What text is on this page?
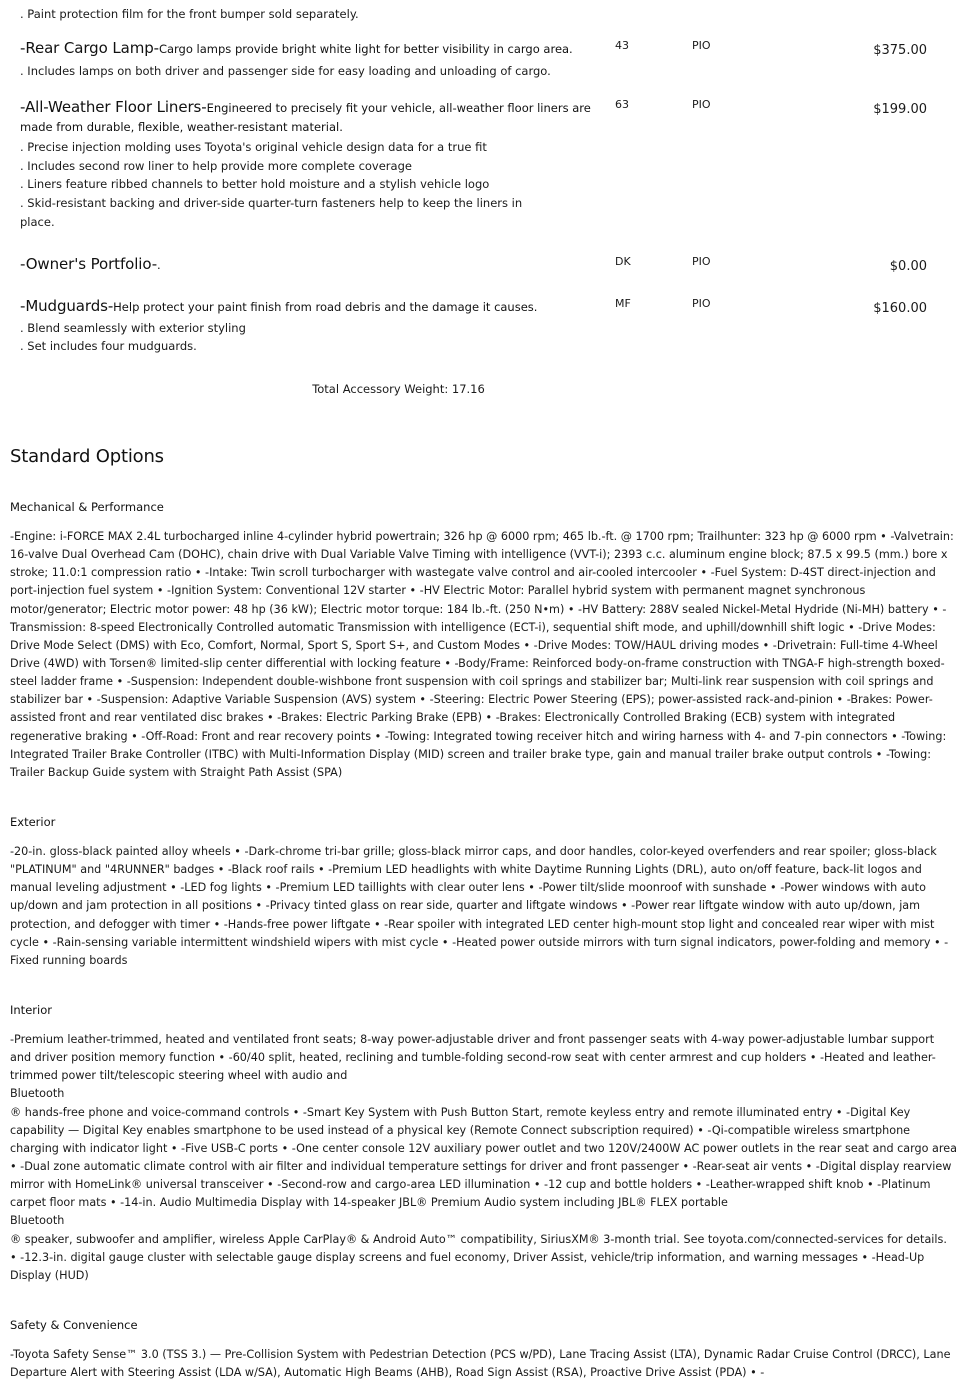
. Paint protection film for the front bumper sold separately.
-Rear Cargo Lamp-Cargo lamps provide bright white light for better visibility in cargo area.
. Includes lamps on both driver and passenger side for easy loading and unloading of cargo.
43	PIO	$375.00
-All-Weather Floor Liners-Engineered to precisely fit your vehicle, all-weather floor liners are made from durable, flexible, weather-resistant material.
. Precise injection molding uses Toyota's original vehicle design data for a true fit
. Includes second row liner to help provide more complete coverage
. Liners feature ribbed channels to better hold moisture and a stylish vehicle logo
. Skid-resistant backing and driver-side quarter-turn fasteners help to keep the liners in place.
63	PIO	$199.00
-Owner's Portfolio-.	DK	PIO	$0.00
-Mudguards-Help protect your paint finish from road debris and the damage it causes.
. Blend seamlessly with exterior styling
. Set includes four mudguards.
MF	PIO	$160.00
Total Accessory Weight: 17.16
Standard Options
Mechanical & Performance
-Engine: i-FORCE MAX 2.4L turbocharged inline 4-cylinder hybrid powertrain; 326 hp @ 6000 rpm; 465 lb.-ft. @ 1700 rpm; Trailhunter: 323 hp @ 6000 rpm • -Valvetrain: 16-valve Dual Overhead Cam (DOHC), chain drive with Dual Variable Valve Timing with intelligence (VVT-i); 2393 c.c. aluminum engine block; 87.5 x 99.5 (mm.) bore x stroke; 11.0:1 compression ratio • -Intake: Twin scroll turbocharger with wastegate valve control and air-cooled intercooler • -Fuel System: D-4ST direct-injection and port-injection fuel system • -Ignition System: Conventional 12V starter • -HV Electric Motor: Parallel hybrid system with permanent magnet synchronous motor/generator; Electric motor power: 48 hp (36 kW); Electric motor torque: 184 lb.-ft. (250 N•m) • -HV Battery: 288V sealed Nickel-Metal Hydride (Ni-MH) battery • -Transmission: 8-speed Electronically Controlled automatic Transmission with intelligence (ECT-i), sequential shift mode, and uphill/downhill shift logic • -Drive Modes: Drive Mode Select (DMS) with Eco, Comfort, Normal, Sport S, Sport S+, and Custom Modes • -Drive Modes: TOW/HAUL driving modes • -Drivetrain: Full-time 4-Wheel Drive (4WD) with Torsen® limited-slip center differential with locking feature • -Body/Frame: Reinforced body-on-frame construction with TNGA-F high-strength boxed-steel ladder frame • -Suspension: Independent double-wishbone front suspension with coil springs and stabilizer bar; Multi-link rear suspension with coil springs and stabilizer bar • -Suspension: Adaptive Variable Suspension (AVS) system • -Steering: Electric Power Steering (EPS); power-assisted rack-and-pinion • -Brakes: Power-assisted front and rear ventilated disc brakes • -Brakes: Electric Parking Brake (EPB) • -Brakes: Electronically Controlled Braking (ECB) system with integrated regenerative braking • -Off-Road: Front and rear recovery points • -Towing: Integrated towing receiver hitch and wiring harness with 4- and 7-pin connectors • -Towing: Integrated Trailer Brake Controller (ITBC) with Multi-Information Display (MID) screen and trailer brake type, gain and manual trailer brake output controls • -Towing: Trailer Backup Guide system with Straight Path Assist (SPA)
Exterior
-20-in. gloss-black painted alloy wheels • -Dark-chrome tri-bar grille; gloss-black mirror caps, and door handles, color-keyed overfenders and rear spoiler; gloss-black "PLATINUM" and "4RUNNER" badges • -Black roof rails • -Premium LED headlights with white Daytime Running Lights (DRL), auto on/off feature, back-lit logos and manual leveling adjustment • -LED fog lights • -Premium LED taillights with clear outer lens • -Power tilt/slide moonroof with sunshade • -Power windows with auto up/down and jam protection in all positions • -Privacy tinted glass on rear side, quarter and liftgate windows • -Power rear liftgate window with auto up/down, jam protection, and defogger with timer • -Hands-free power liftgate • -Rear spoiler with integrated LED center high-mount stop light and concealed rear wiper with mist cycle • -Rain-sensing variable intermittent windshield wipers with mist cycle • -Heated power outside mirrors with turn signal indicators, power-folding and memory • -Fixed running boards
Interior
-Premium leather-trimmed, heated and ventilated front seats; 8-way power-adjustable driver and front passenger seats with 4-way power-adjustable lumbar support and driver position memory function • -60/40 split, heated, reclining and tumble-folding second-row seat with center armrest and cup holders • -Heated and leather-trimmed power tilt/telescopic steering wheel with audio and
Bluetooth
® hands-free phone and voice-command controls • -Smart Key System with Push Button Start, remote keyless entry and remote illuminated entry • -Digital Key capability — Digital Key enables smartphone to be used instead of a physical key (Remote Connect subscription required) • -Qi-compatible wireless smartphone charging with indicator light • -Five USB-C ports • -One center console 12V auxiliary power outlet and two 120V/2400W AC power outlets in the rear seat and cargo area • -Dual zone automatic climate control with air filter and individual temperature settings for driver and front passenger • -Rear-seat air vents • -Digital display rearview mirror with HomeLink® universal transceiver • -Second-row and cargo-area LED illumination • -12 cup and bottle holders • -Leather-wrapped shift knob • -Platinum carpet floor mats • -14-in. Audio Multimedia Display with 14-speaker JBL® Premium Audio system including JBL® FLEX portable
Bluetooth
® speaker, subwoofer and amplifier, wireless Apple CarPlay® & Android Auto™ compatibility, SiriusXM® 3-month trial. See toyota.com/connected-services for details. • -12.3-in. digital gauge cluster with selectable gauge display screens and fuel economy, Driver Assist, vehicle/trip information, and warning messages • -Head-Up Display (HUD)
Safety & Convenience
-Toyota Safety Sense™ 3.0 (TSS 3.) — Pre-Collision System with Pedestrian Detection (PCS w/PD), Lane Tracing Assist (LTA), Dynamic Radar Cruise Control (DRCC), Lane Departure Alert with Steering Assist (LDA w/SA), Automatic High Beams (AHB), Road Sign Assist (RSA), Proactive Drive Assist (PDA) • -
